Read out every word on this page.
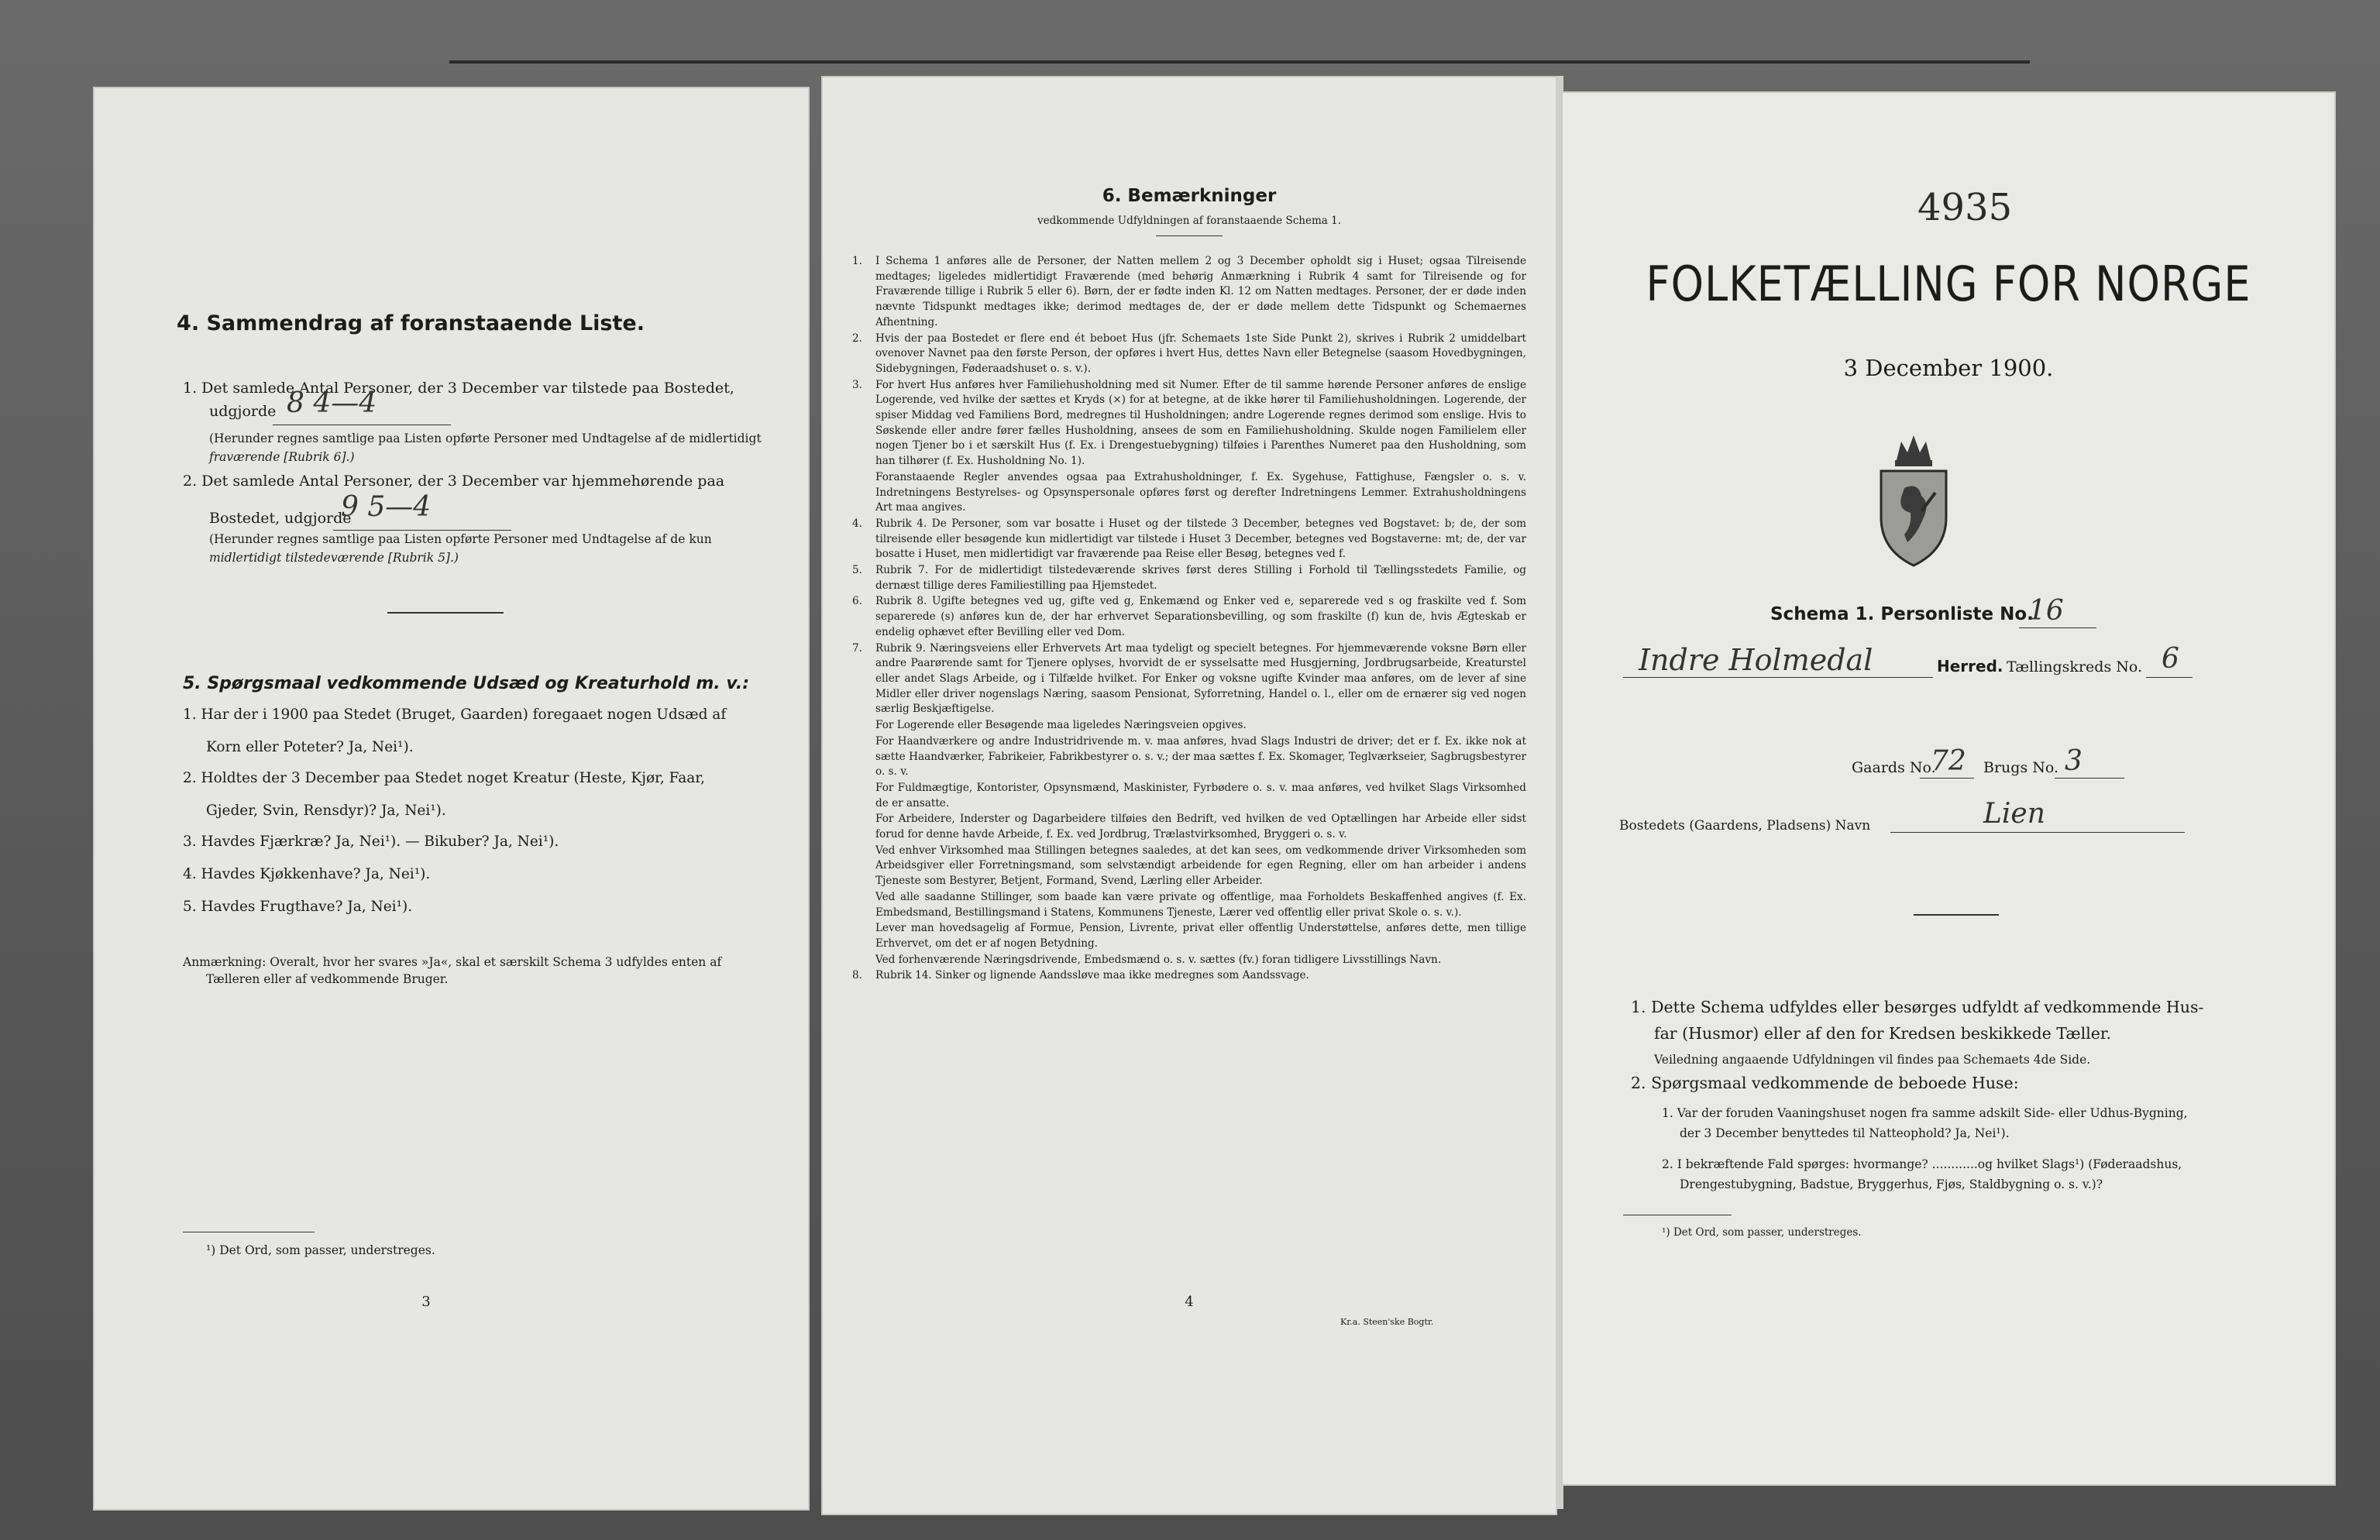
4. Sammendrag af foranstaaende Liste.
1. Det samlede Antal Personer, der 3 December var tilstede paa Bostedet,
udgjorde 8 4—4
(Herunder regnes samtlige paa Listen opførte Personer med Undtagelse af de midlertidigt
fraværende [Rubrik 6].)
2. Det samlede Antal Personer, der 3 December var hjemmehørende paa
Bostedet, udgjorde
9 5—4
(Herunder regnes samtlige paa Listen opførte Personer med Undtagelse af de kun
midlertidigt tilstedeværende [Rubrik 5].)
5. Spørgsmaal vedkommende Udsæd og Kreaturhold m. v.:
1. Har der i 1900 paa Stedet (Bruget, Gaarden) foregaaet nogen Udsæd af
Korn eller Poteter? Ja, Nei¹).
2. Holdtes der 3 December paa Stedet noget Kreatur (Heste, Kjør, Faar,
Gjeder, Svin, Rensdyr)? Ja, Nei¹).
3. Havdes Fjærkræ? Ja, Nei¹). — Bikuber? Ja, Nei¹).
4. Havdes Kjøkkenhave? Ja, Nei¹).
5. Havdes Frugthave? Ja, Nei¹).
Anmærkning: Overalt, hvor her svares »Ja«, skal et særskilt Schema 3 udfyldes enten af
Tælleren eller af vedkommende Bruger.
¹) Det Ord, som passer, understreges.
3
6. Bemærkninger
vedkommende Udfyldningen af foranstaaende Schema 1.
1.	I Schema 1 anføres alle de Personer, der Natten mellem 2 og 3 December opholdt sig i Huset; ogsaa Tilreisende medtages; ligeledes midlertidigt Fraværende (med behørig Anmærkning i Rubrik 4 samt for Tilreisende og for Fraværende tillige i Rubrik 5 eller 6). Børn, der er fødte inden Kl. 12 om Natten medtages. Personer, der er døde inden nævnte Tidspunkt medtages ikke; derimod medtages de, der er døde mellem dette Tidspunkt og Schemaernes Afhentning.
2.	Hvis der paa Bostedet er flere end ét beboet Hus (jfr. Schemaets 1ste Side Punkt 2), skrives i Rubrik 2 umiddelbart ovenover Navnet paa den første Person, der opføres i hvert Hus, dettes Navn eller Betegnelse (saasom Hovedbygningen, Sidebygningen, Føderaadshuset o. s. v.).
3.	For hvert Hus anføres hver Familiehusholdning med sit Numer. Efter de til samme hørende Personer anføres de enslige Logerende, ved hvilke der sættes et Kryds (×) for at betegne, at de ikke hører til Familiehusholdningen. Logerende, der spiser Middag ved Familiens Bord, medregnes til Husholdningen; andre Logerende regnes derimod som enslige. Hvis to Søskende eller andre fører fælles Husholdning, ansees de som en Familiehusholdning. Skulde nogen Familielem eller nogen Tjener bo i et særskilt Hus (f. Ex. i Drengestuebygning) tilføies i Parenthes Numeret paa den Husholdning, som han tilhører (f. Ex. Husholdning No. 1).
Foranstaaende Regler anvendes ogsaa paa Extrahusholdninger, f. Ex. Sygehuse, Fattighuse, Fængsler o. s. v. Indretningens Bestyrelses- og Opsynspersonale opføres først og derefter Indretningens Lemmer. Extrahusholdningens Art maa angives.
4.	Rubrik 4. De Personer, som var bosatte i Huset og der tilstede 3 December, betegnes ved Bogstavet: b; de, der som tilreisende eller besøgende kun midlertidigt var tilstede i Huset 3 December, betegnes ved Bogstaverne: mt; de, der var bosatte i Huset, men midlertidigt var fraværende paa Reise eller Besøg, betegnes ved f.
5.	Rubrik 7. For de midlertidigt tilstedeværende skrives først deres Stilling i Forhold til Tællingsstedets Familie, og dernæst tillige deres Familiestilling paa Hjemstedet.
6.	Rubrik 8. Ugifte betegnes ved ug, gifte ved g, Enkemænd og Enker ved e, separerede ved s og fraskilte ved f. Som separerede (s) anføres kun de, der har erhvervet Separationsbevilling, og som fraskilte (f) kun de, hvis Ægteskab er endelig ophævet efter Bevilling eller ved Dom.
7.	Rubrik 9. Næringsveiens eller Erhvervets Art maa tydeligt og specielt betegnes. For hjemmeværende voksne Børn eller andre Paarørende samt for Tjenere oplyses, hvorvidt de er sysselsatte med Husgjerning, Jordbrugsarbeide, Kreaturstel eller andet Slags Arbeide, og i Tilfælde hvilket. For Enker og voksne ugifte Kvinder maa anføres, om de lever af sine Midler eller driver nogenslags Næring, saasom Pensionat, Syforretning, Handel o. l., eller om de ernærer sig ved nogen særlig Beskjæftigelse.
For Logerende eller Besøgende maa ligeledes Næringsveien opgives.
For Haandværkere og andre Industridrivende m. v. maa anføres, hvad Slags Industri de driver; det er f. Ex. ikke nok at sætte Haandværker, Fabrikeier, Fabrikbestyrer o. s. v.; der maa sættes f. Ex. Skomager, Teglværkseier, Sagbrugsbestyrer o. s. v.
For Fuldmægtige, Kontorister, Opsynsmænd, Maskinister, Fyrbødere o. s. v. maa anføres, ved hvilket Slags Virksomhed de er ansatte.
For Arbeidere, Inderster og Dagarbeidere tilføies den Bedrift, ved hvilken de ved Optællingen har Arbeide eller sidst forud for denne havde Arbeide, f. Ex. ved Jordbrug, Trælastvirksomhed, Bryggeri o. s. v.
Ved enhver Virksomhed maa Stillingen betegnes saaledes, at det kan sees, om vedkommende driver Virksomheden som Arbeidsgiver eller Forretningsmand, som selvstændigt arbeidende for egen Regning, eller om han arbeider i andens Tjeneste som Bestyrer, Betjent, Formand, Svend, Lærling eller Arbeider.
Ved alle saadanne Stillinger, som baade kan være private og offentlige, maa Forholdets Beskaffenhed angives (f. Ex. Embedsmand, Bestillingsmand i Statens, Kommunens Tjeneste, Lærer ved offentlig eller privat Skole o. s. v.).
Lever man hovedsagelig af Formue, Pension, Livrente, privat eller offentlig Understøttelse, anføres dette, men tillige Erhvervet, om det er af nogen Betydning.
Ved forhenværende Næringsdrivende, Embedsmænd o. s. v. sættes (fv.) foran tidligere Livsstillings Navn.
8.	Rubrik 14. Sinker og lignende Aandssløve maa ikke medregnes som Aandssvage.
4
Kr.a. Steen'ske Bogtr.
4935
FOLKETÆLLING FOR NORGE
3 December 1900.
Schema 1. Personliste No.
16
Indre Holmedal	Herred. Tællingskreds No. 6
Gaards No.
72 Brugs No. 3
Bostedets (Gaardens, Pladsens) Navn	Lien
1. Dette Schema udfyldes eller besørges udfyldt af vedkommende Hus-
far (Husmor) eller af den for Kredsen beskikkede Tæller.
Veiledning angaaende Udfyldningen vil findes paa Schemaets 4de Side.
2. Spørgsmaal vedkommende de beboede Huse:
1. Var der foruden Vaaningshuset nogen fra samme adskilt Side- eller Udhus-Bygning,
der 3 December benyttedes til Natteophold? Ja, Nei¹).
2. I bekræftende Fald spørges: hvormange? ............og hvilket Slags¹) (Føderaadshus,
Drengestubygning, Badstue, Bryggerhus, Fjøs, Staldbygning o. s. v.)?
¹) Det Ord, som passer, understreges.
